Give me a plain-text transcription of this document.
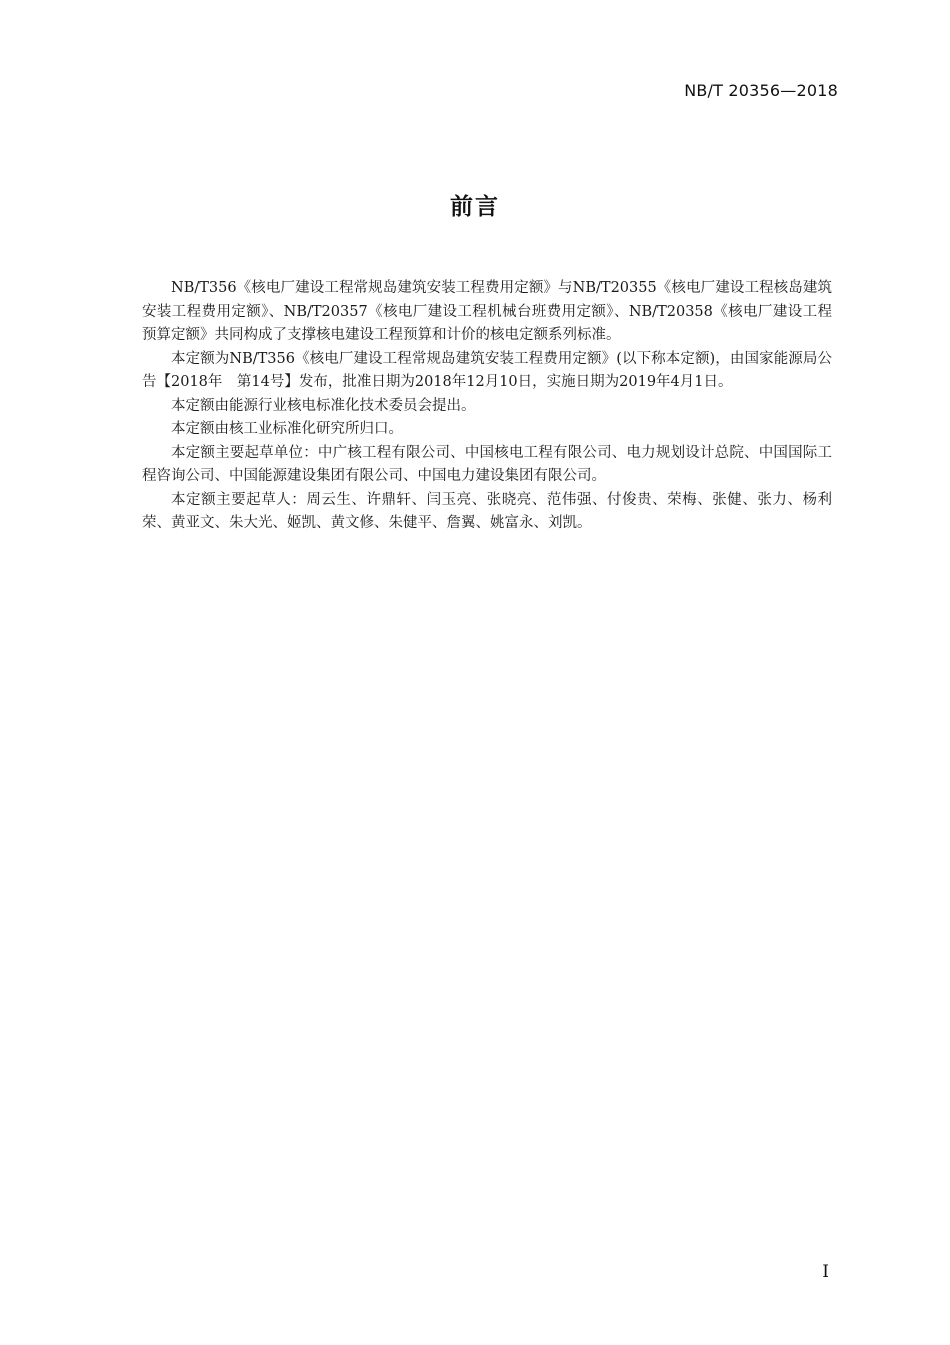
NB/T 20356—2018
前言

NB/T356《核电厂建设工程常规岛建筑安装工程费用定额》与NB/T20355《核电厂建设工程核岛建筑安装工程费用定额》、NB/T20357《核电厂建设工程机械台班费用定额》、NB/T20358《核电厂建设工程预算定额》共同构成了支撑核电建设工程预算和计价的核电定额系列标准。

本定额为NB/T356《核电厂建设工程常规岛建筑安装工程费用定额》(以下称本定额)，由国家能源局公告【2018年　第14号】发布，批准日期为2018年12月10日，实施日期为2019年4月1日。

本定额由能源行业核电标准化技术委员会提出。

本定额由核工业标准化研究所归口。

本定额主要起草单位：中广核工程有限公司、中国核电工程有限公司、电力规划设计总院、中国国际工程咨询公司、中国能源建设集团有限公司、中国电力建设集团有限公司。

本定额主要起草人：周云生、许鼎轩、闫玉亮、张晓亮、范伟强、付俊贵、荣梅、张健、张力、杨利荣、黄亚文、朱大光、姬凯、黄文修、朱健平、詹翼、姚富永、刘凯。

I
